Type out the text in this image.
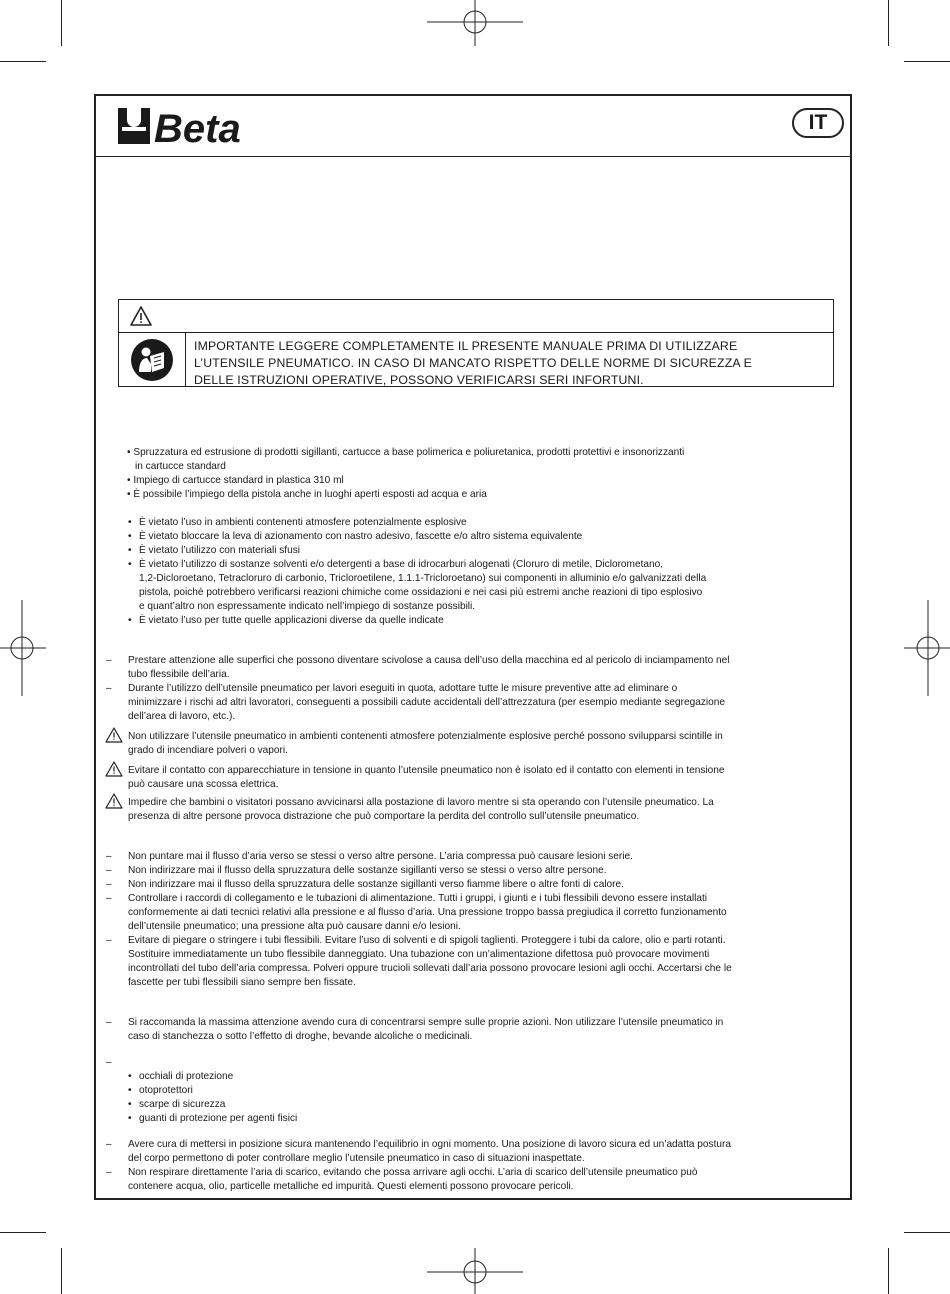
Beta	IT
IMPORTANTE LEGGERE COMPLETAMENTE IL PRESENTE MANUALE PRIMA DI UTILIZZARE
L’UTENSILE PNEUMATICO. IN CASO DI MANCATO RISPETTO DELLE NORME DI SICUREZZA E
DELLE ISTRUZIONI OPERATIVE, POSSONO VERIFICARSI SERI INFORTUNI.
• Spruzzatura ed estrusione di prodotti sigillanti, cartucce a base polimerica e poliuretanica, prodotti protettivi e insonorizzanti
in cartucce standard
• Impiego di cartucce standard in plastica 310 ml
• È possibile l’impiego della pistola anche in luoghi aperti esposti ad acqua e aria
•
È vietato l’uso in ambienti contenenti atmosfere potenzialmente esplosive
•
È vietato bloccare la leva di azionamento con nastro adesivo, fascette e/o altro sistema equivalente
•
È vietato l’utilizzo con materiali sfusi
•
È vietato l’utilizzo di sostanze solventi e/o detergenti a base di idrocarburi alogenati (Cloruro di metile, Diclorometano,
1,2-Dicloroetano, Tetracloruro di carbonio, Tricloroetilene, 1.1.1-Tricloroetano) sui componenti in alluminio e/o galvanizzati della
pistola, poichè potrebbero verificarsi reazioni chimiche come ossidazioni e nei casi più estremi anche reazioni di tipo esplosivo
e quant’altro non espressamente indicato nell’impiego di sostanze possibili.
•
È vietato l’uso per tutte quelle applicazioni diverse da quelle indicate
– Prestare attenzione alle superfici che possono diventare scivolose a causa dell’uso della macchina ed al pericolo di inciampamento nel
tubo flessibile dell’aria.
– Durante l’utilizzo dell’utensile pneumatico per lavori eseguiti in quota, adottare tutte le misure preventive atte ad eliminare o
minimizzare i rischi ad altri lavoratori, conseguenti a possibili cadute accidentali dell’attrezzatura (per esempio mediante segregazione
dell’area di lavoro, etc.).
Non utilizzare l’utensile pneumatico in ambienti contenenti atmosfere potenzialmente esplosive perché possono svilupparsi scintille in
grado di incendiare polveri o vapori.
Evitare il contatto con apparecchiature in tensione in quanto l’utensile pneumatico non è isolato ed il contatto con elementi in tensione
può causare una scossa elettrica.
Impedire che bambini o visitatori possano avvicinarsi alla postazione di lavoro mentre si sta operando con l’utensile pneumatico. La
presenza di altre persone provoca distrazione che può comportare la perdita del controllo sull’utensile pneumatico.
– Non puntare mai il flusso d’aria verso se stessi o verso altre persone. L’aria compressa può causare lesioni serie.
– Non indirizzare mai il flusso della spruzzatura delle sostanze sigillanti verso se stessi o verso altre persone.
– Non indirizzare mai il flusso della spruzzatura delle sostanze sigillanti verso fiamme libere o altre fonti di calore.
– Controllare i raccordi di collegamento e le tubazioni di alimentazione. Tutti i gruppi, i giunti e i tubi flessibili devono essere installati
conformemente ai dati tecnici relativi alla pressione e al flusso d’aria. Una pressione troppo bassa pregiudica il corretto funzionamento
dell’utensile pneumatico; una pressione alta può causare danni e/o lesioni.
– Evitare di piegare o stringere i tubi flessibili. Evitare l’uso di solventi e di spigoli taglienti. Proteggere i tubi da calore, olio e parti rotanti.
Sostituire immediatamente un tubo flessibile danneggiato. Una tubazione con un’alimentazione difettosa può provocare movimenti
incontrollati del tubo dell’aria compressa. Polveri oppure trucioli sollevati dall’aria possono provocare lesioni agli occhi. Accertarsi che le
fascette per tubi flessibili siano sempre ben fissate.
– Si raccomanda la massima attenzione avendo cura di concentrarsi sempre sulle proprie azioni. Non utilizzare l’utensile pneumatico in
caso di stanchezza o sotto l’effetto di droghe, bevande alcoliche o medicinali.
–
•
occhiali di protezione
•
otoprotettori
•
scarpe di sicurezza
•
guanti di protezione per agenti fisici
– Avere cura di mettersi in posizione sicura mantenendo l’equilibrio in ogni momento. Una posizione di lavoro sicura ed un’adatta postura
del corpo permettono di poter controllare meglio l’utensile pneumatico in caso di situazioni inaspettate.
– Non respirare direttamente l’aria di scarico, evitando che possa arrivare agli occhi. L’aria di scarico dell’utensile pneumatico può
contenere acqua, olio, particelle metalliche ed impurità. Questi elementi possono provocare pericoli.
